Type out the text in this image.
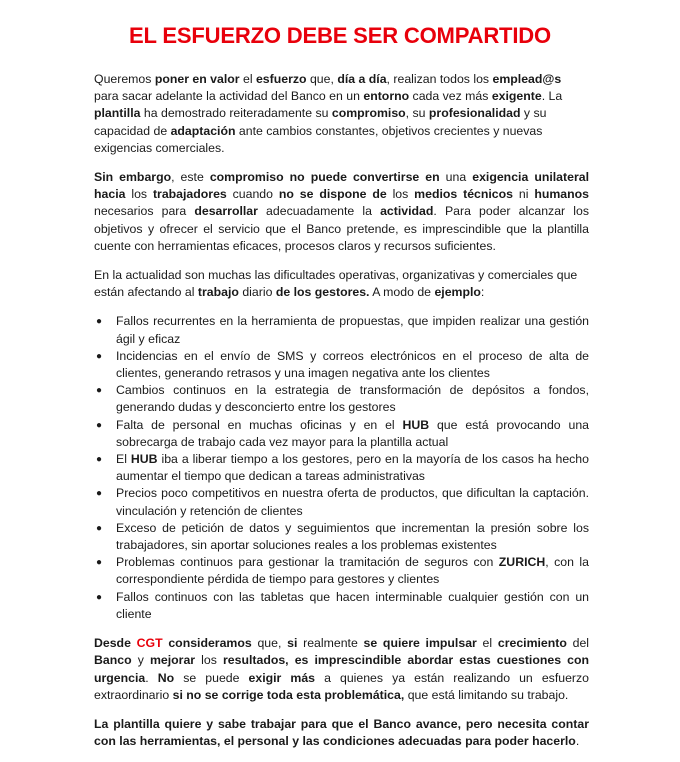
EL ESFUERZO DEBE SER COMPARTIDO

Queremos poner en valor el esfuerzo que, día a día, realizan todos los emplead@s para sacar adelante la actividad del Banco en un entorno cada vez más exigente. La plantilla ha demostrado reiteradamente su compromiso, su profesionalidad y su capacidad de adaptación ante cambios constantes, objetivos crecientes y nuevas exigencias comerciales.

Sin embargo, este compromiso no puede convertirse en una exigencia unilateral hacia los trabajadores cuando no se dispone de los medios técnicos ni humanos necesarios para desarrollar adecuadamente la actividad. Para poder alcanzar los objetivos y ofrecer el servicio que el Banco pretende, es imprescindible que la plantilla cuente con herramientas eficaces, procesos claros y recursos suficientes.

En la actualidad son muchas las dificultades operativas, organizativas y comerciales que están afectando al trabajo diario de los gestores. A modo de ejemplo:

● Fallos recurrentes en la herramienta de propuestas, que impiden realizar una gestión ágil y eficaz
● Incidencias en el envío de SMS y correos electrónicos en el proceso de alta de clientes, generando retrasos y una imagen negativa ante los clientes
● Cambios continuos en la estrategia de transformación de depósitos a fondos, generando dudas y desconcierto entre los gestores
● Falta de personal en muchas oficinas y en el HUB que está provocando una sobrecarga de trabajo cada vez mayor para la plantilla actual
● El HUB iba a liberar tiempo a los gestores, pero en la mayoría de los casos ha hecho aumentar el tiempo que dedican a tareas administrativas
● Precios poco competitivos en nuestra oferta de productos, que dificultan la captación. vinculación y retención de clientes
● Exceso de petición de datos y seguimientos que incrementan la presión sobre los trabajadores, sin aportar soluciones reales a los problemas existentes
● Problemas continuos para gestionar la tramitación de seguros con ZURICH, con la correspondiente pérdida de tiempo para gestores y clientes
● Fallos continuos con las tabletas que hacen interminable cualquier gestión con un cliente

Desde CGT consideramos que, si realmente se quiere impulsar el crecimiento del Banco y mejorar los resultados, es imprescindible abordar estas cuestiones con urgencia. No se puede exigir más a quienes ya están realizando un esfuerzo extraordinario si no se corrige toda esta problemática, que está limitando su trabajo.

La plantilla quiere y sabe trabajar para que el Banco avance, pero necesita contar con las herramientas, el personal y las condiciones adecuadas para poder hacerlo.
